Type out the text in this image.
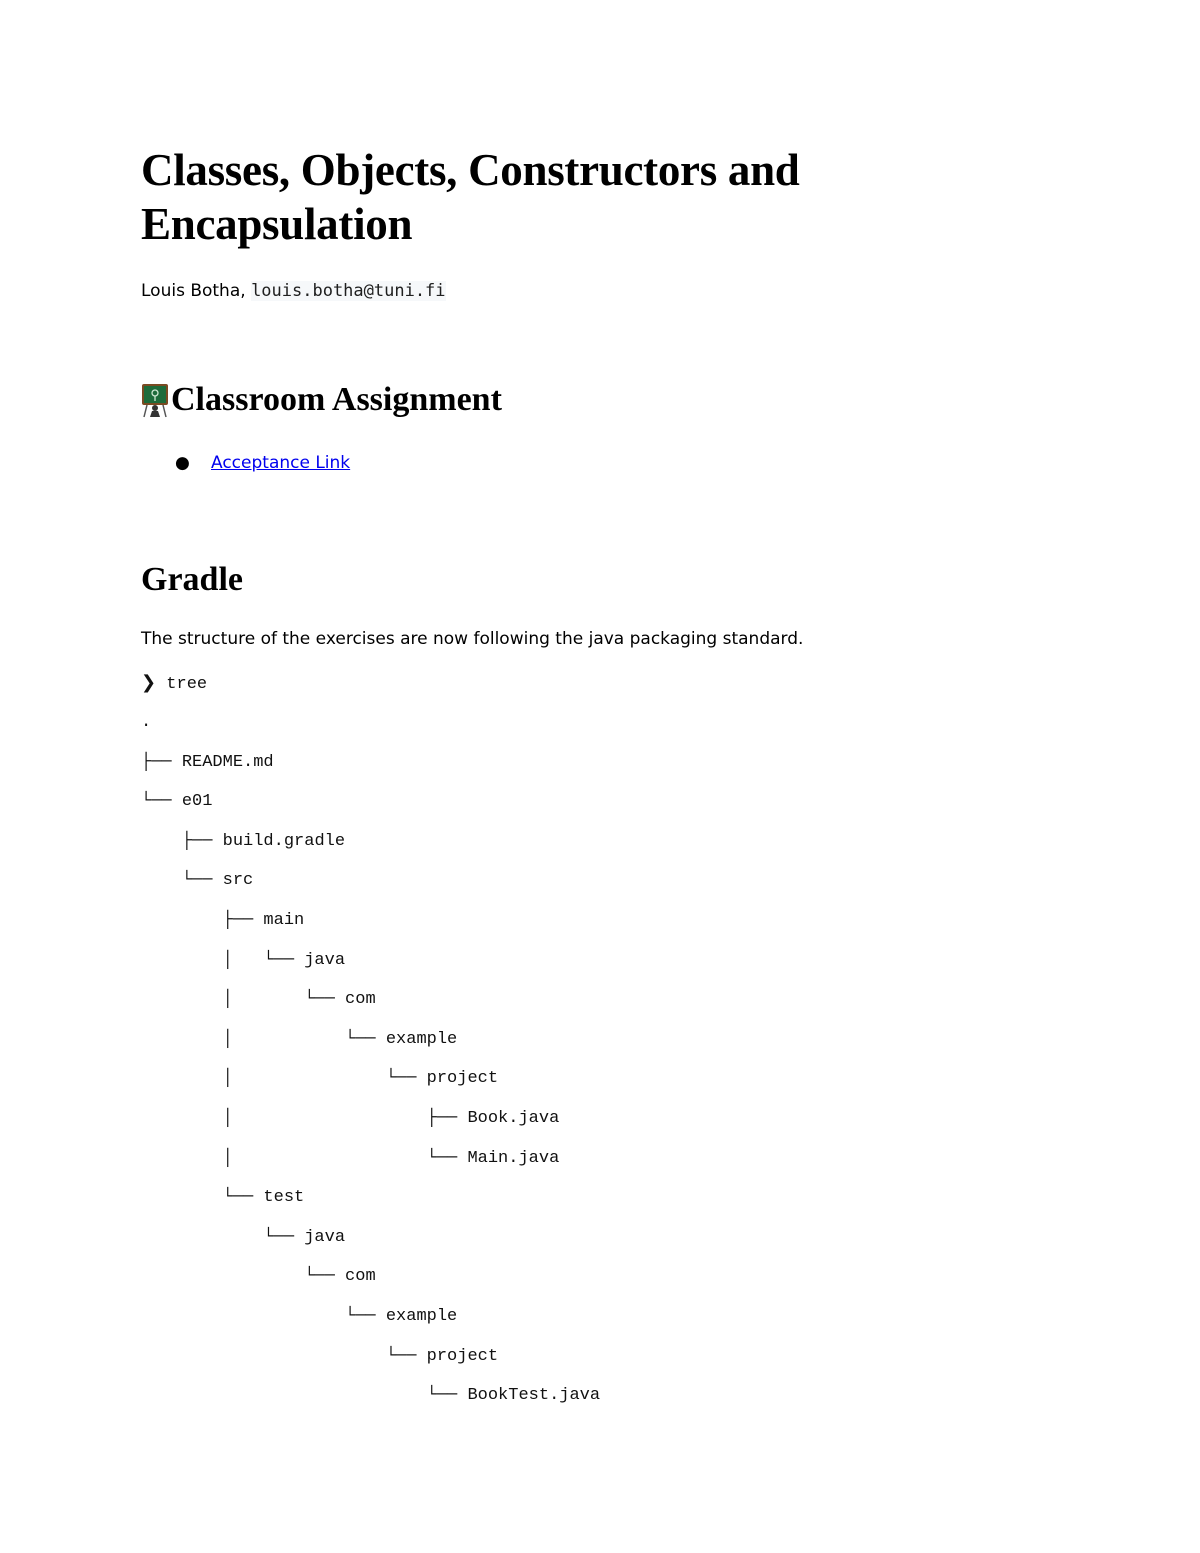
Classes, Objects, Constructors and Encapsulation
Louis Botha, louis.botha@tuni.fi
Classroom Assignment
● Acceptance Link
Gradle

The structure of the exercises are now following the java packaging standard.

❯ tree

.
├── README.md
└── e01
├── build.gradle
└── src
├── main
│   └── java
│       └── com
│           └── example
│               └── project
│                   ├── Book.java
│                   └── Main.java
└── test
└── java
└── com
└── example
└── project
└── BookTest.java
